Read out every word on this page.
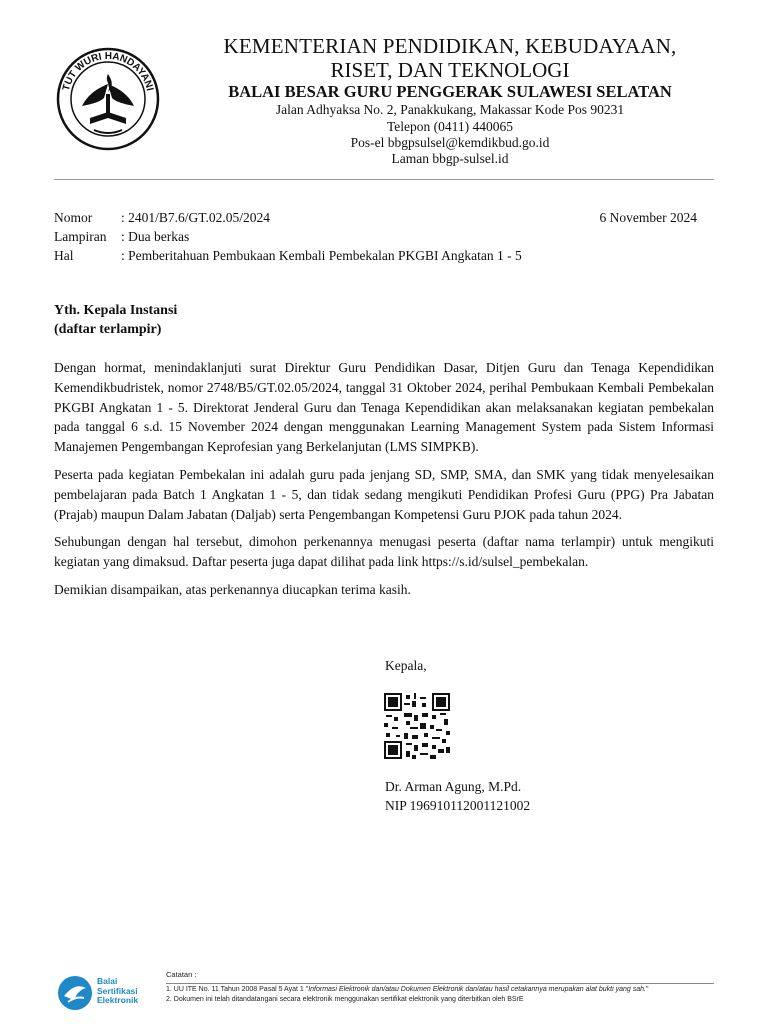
TUT WURI HANDAYANI
KEMENTERIAN PENDIDIKAN, KEBUDAYAAN,
RISET, DAN TEKNOLOGI
BALAI BESAR GURU PENGGERAK SULAWESI SELATAN
Jalan Adhyaksa No. 2, Panakkukang, Makassar Kode Pos 90231
Telepon (0411) 440065
Pos-el bbgpsulsel@kemdikbud.go.id
Laman bbgp-sulsel.id
Nomor : 2401/B7.6/GT.02.05/2024
Lampiran : Dua berkas
Hal	: Pemberitahuan Pembukaan Kembali Pembekalan PKGBI Angkatan 1 - 5
6 November 2024
Yth. Kepala Instansi
(daftar terlampir)

Dengan hormat, menindaklanjuti surat Direktur Guru Pendidikan Dasar, Ditjen Guru dan Tenaga Kependidikan Kemendikbudristek, nomor 2748/B5/GT.02.05/2024, tanggal 31 Oktober 2024, perihal Pembukaan Kembali Pembekalan PKGBI Angkatan 1 - 5. Direktorat Jenderal Guru dan Tenaga Kependidikan akan melaksanakan kegiatan pembekalan pada tanggal 6 s.d. 15 November 2024 dengan menggunakan Learning Management System pada Sistem Informasi Manajemen Pengembangan Keprofesian yang Berkelanjutan (LMS SIMPKB).

Peserta pada kegiatan Pembekalan ini adalah guru pada jenjang SD, SMP, SMA, dan SMK yang tidak menyelesaikan pembelajaran pada Batch 1 Angkatan 1 - 5, dan tidak sedang mengikuti Pendidikan Profesi Guru (PPG) Pra Jabatan (Prajab) maupun Dalam Jabatan (Daljab) serta Pengembangan Kompetensi Guru PJOK pada tahun 2024.

Sehubungan dengan hal tersebut, dimohon perkenannya menugasi peserta (daftar nama terlampir) untuk mengikuti kegiatan yang dimaksud. Daftar peserta juga dapat dilihat pada link https://s.id/sulsel_pembekalan.

Demikian disampaikan, atas perkenannya diucapkan terima kasih.

Kepala,
Dr. Arman Agung, M.Pd.
NIP 196910112001121002
Balai
Sertifikasi
Elektronik
Catatan :
1. UU ITE No. 11 Tahun 2008 Pasal 5 Ayat 1 "Informasi Elektronik dan/atau Dokumen Elektronik dan/atau hasil cetakannya merupakan alat bukti yang sah."
2. Dokumen ini telah ditandatangani secara elektronik menggunakan sertifikat elektronik yang diterbitkan oleh BSrE
